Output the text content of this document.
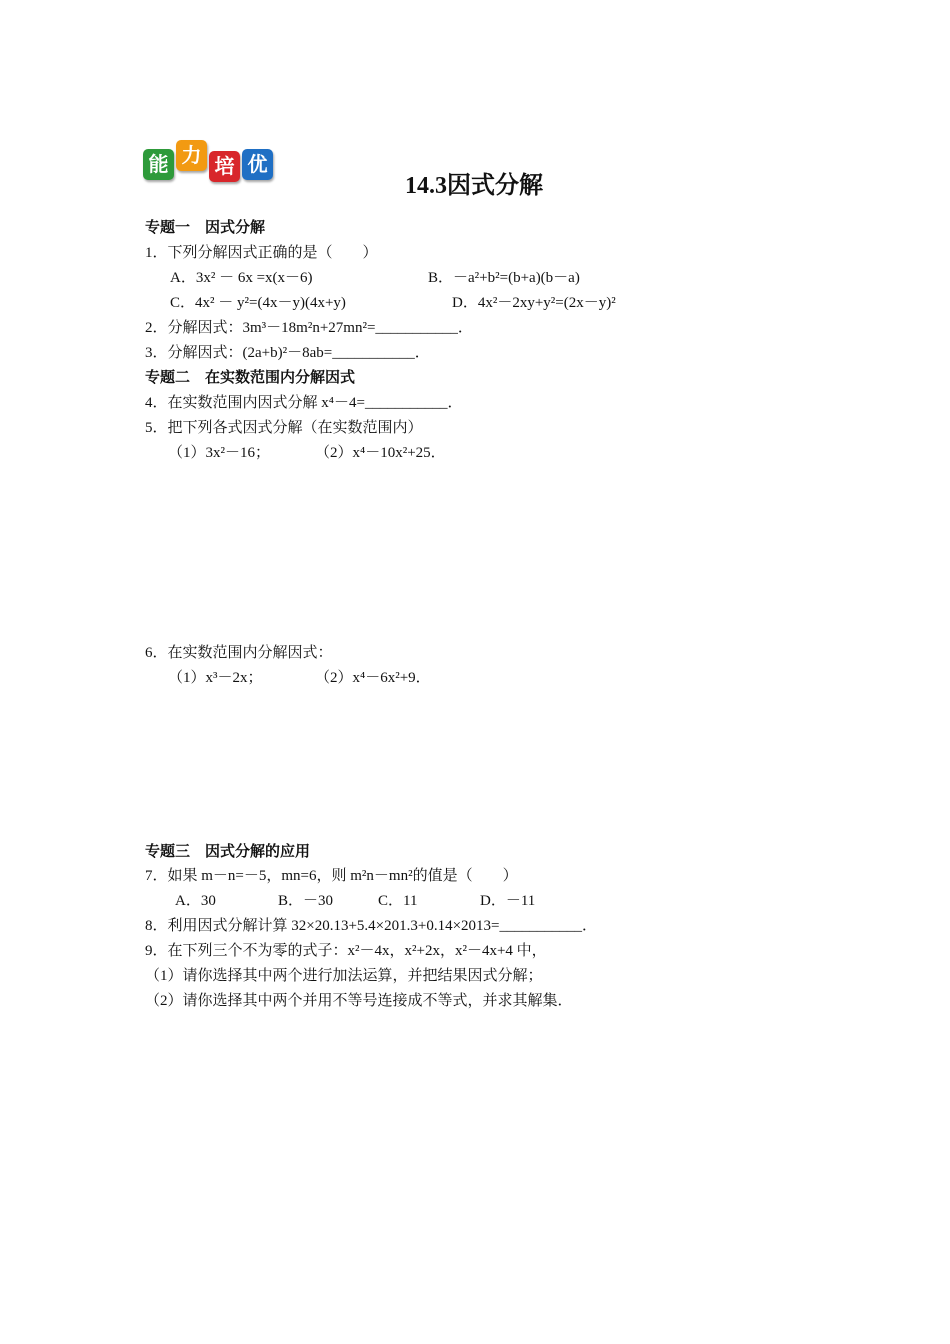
能 力 培 优
14.3因式分解
专题一　因式分解
1．下列分解因式正确的是（　　）
A．3x² － 6x =x(x－6)	B．－a²+b²=(b+a)(b－a)
C．4x² － y²=(4x－y)(4x+y)	D．4x²－2xy+y²=(2x－y)²
2．分解因式：3m³－18m²n+27mn²=___________．
3．分解因式：(2a+b)²－8ab=___________．
专题二　在实数范围内分解因式
4．在实数范围内因式分解 x⁴－4=___________．
5．把下列各式因式分解（在实数范围内）
（1）3x²－16；	（2）x⁴－10x²+25．
6．在实数范围内分解因式：
（1）x³－2x；	（2）x⁴－6x²+9．
专题三　因式分解的应用
7．如果 m－n=－5，mn=6，则 m²n－mn²的值是（　　）
A．30	B．－30	C．11	D．－11
8．利用因式分解计算 32×20.13+5.4×201.3+0.14×2013=___________．
9．在下列三个不为零的式子：x²－4x，x²+2x，x²－4x+4 中，
（1）请你选择其中两个进行加法运算，并把结果因式分解；
（2）请你选择其中两个并用不等号连接成不等式，并求其解集．
